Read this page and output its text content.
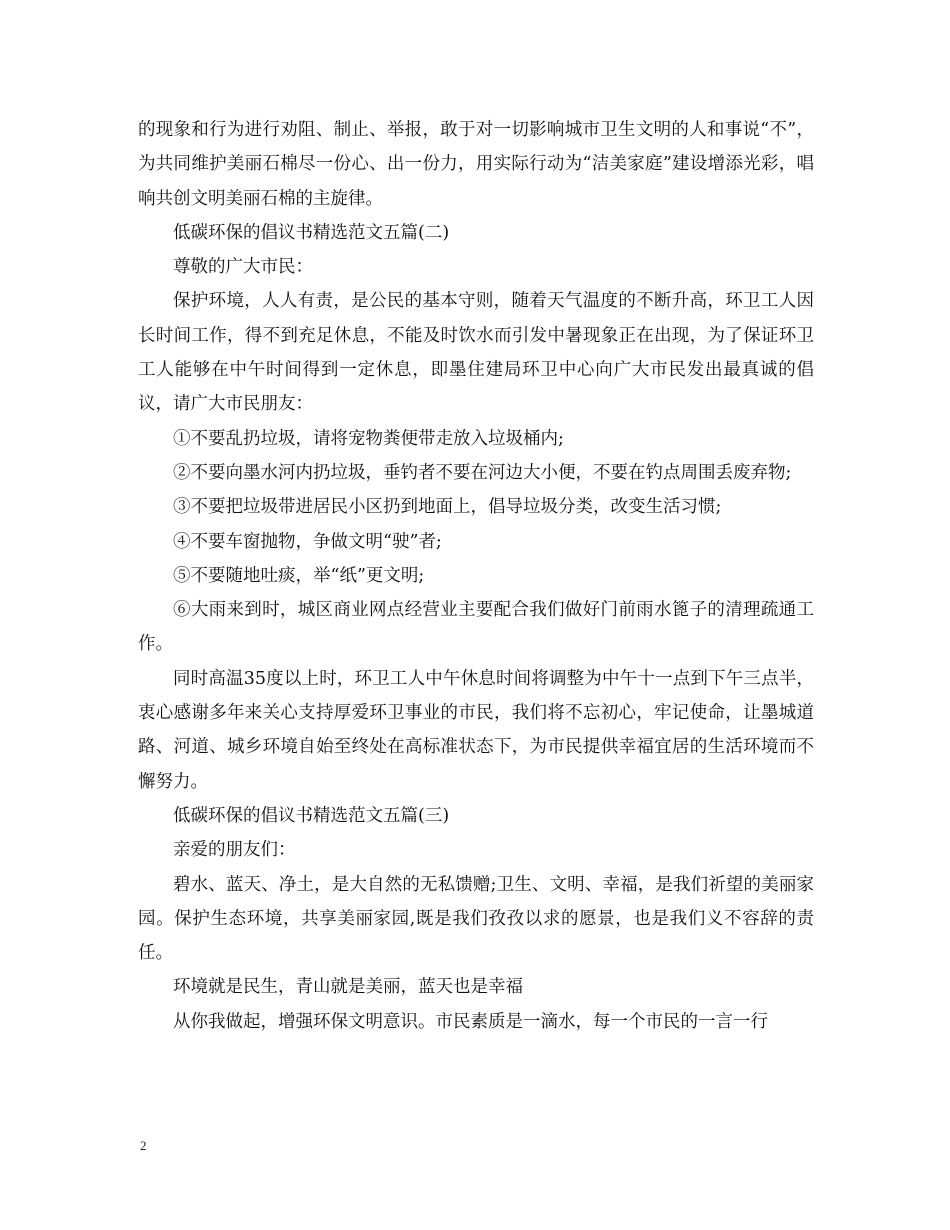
的现象和行为进行劝阻、制止、举报，敢于对一切影响城市卫生文明的人和事说“不”，为共同维护美丽石棉尽一份心、出一份力，用实际行动为“洁美家庭”建设增添光彩，唱响共创文明美丽石棉的主旋律。

低碳环保的倡议书精选范文五篇(二)

尊敬的广大市民：

保护环境，人人有责，是公民的基本守则，随着天气温度的不断升高，环卫工人因长时间工作，得不到充足休息，不能及时饮水而引发中暑现象正在出现，为了保证环卫工人能够在中午时间得到一定休息，即墨住建局环卫中心向广大市民发出最真诚的倡议，请广大市民朋友：

①不要乱扔垃圾，请将宠物粪便带走放入垃圾桶内;

②不要向墨水河内扔垃圾，垂钓者不要在河边大小便，不要在钓点周围丢废弃物;

③不要把垃圾带进居民小区扔到地面上，倡导垃圾分类，改变生活习惯;

④不要车窗抛物，争做文明“驶”者;

⑤不要随地吐痰，举“纸”更文明;

⑥大雨来到时，城区商业网点经营业主要配合我们做好门前雨水篦子的清理疏通工作。

同时高温35度以上时，环卫工人中午休息时间将调整为中午十一点到下午三点半，衷心感谢多年来关心支持厚爱环卫事业的市民，我们将不忘初心，牢记使命，让墨城道路、河道、城乡环境自始至终处在高标准状态下，为市民提供幸福宜居的生活环境而不懈努力。

低碳环保的倡议书精选范文五篇(三)

亲爱的朋友们：

碧水、蓝天、净土，是大自然的无私馈赠;卫生、文明、幸福，是我们祈望的美丽家园。保护生态环境，共享美丽家园,既是我们孜孜以求的愿景，也是我们义不容辞的责任。

环境就是民生，青山就是美丽，蓝天也是幸福

从你我做起，增强环保文明意识。市民素质是一滴水，每一个市民的一言一行

2
